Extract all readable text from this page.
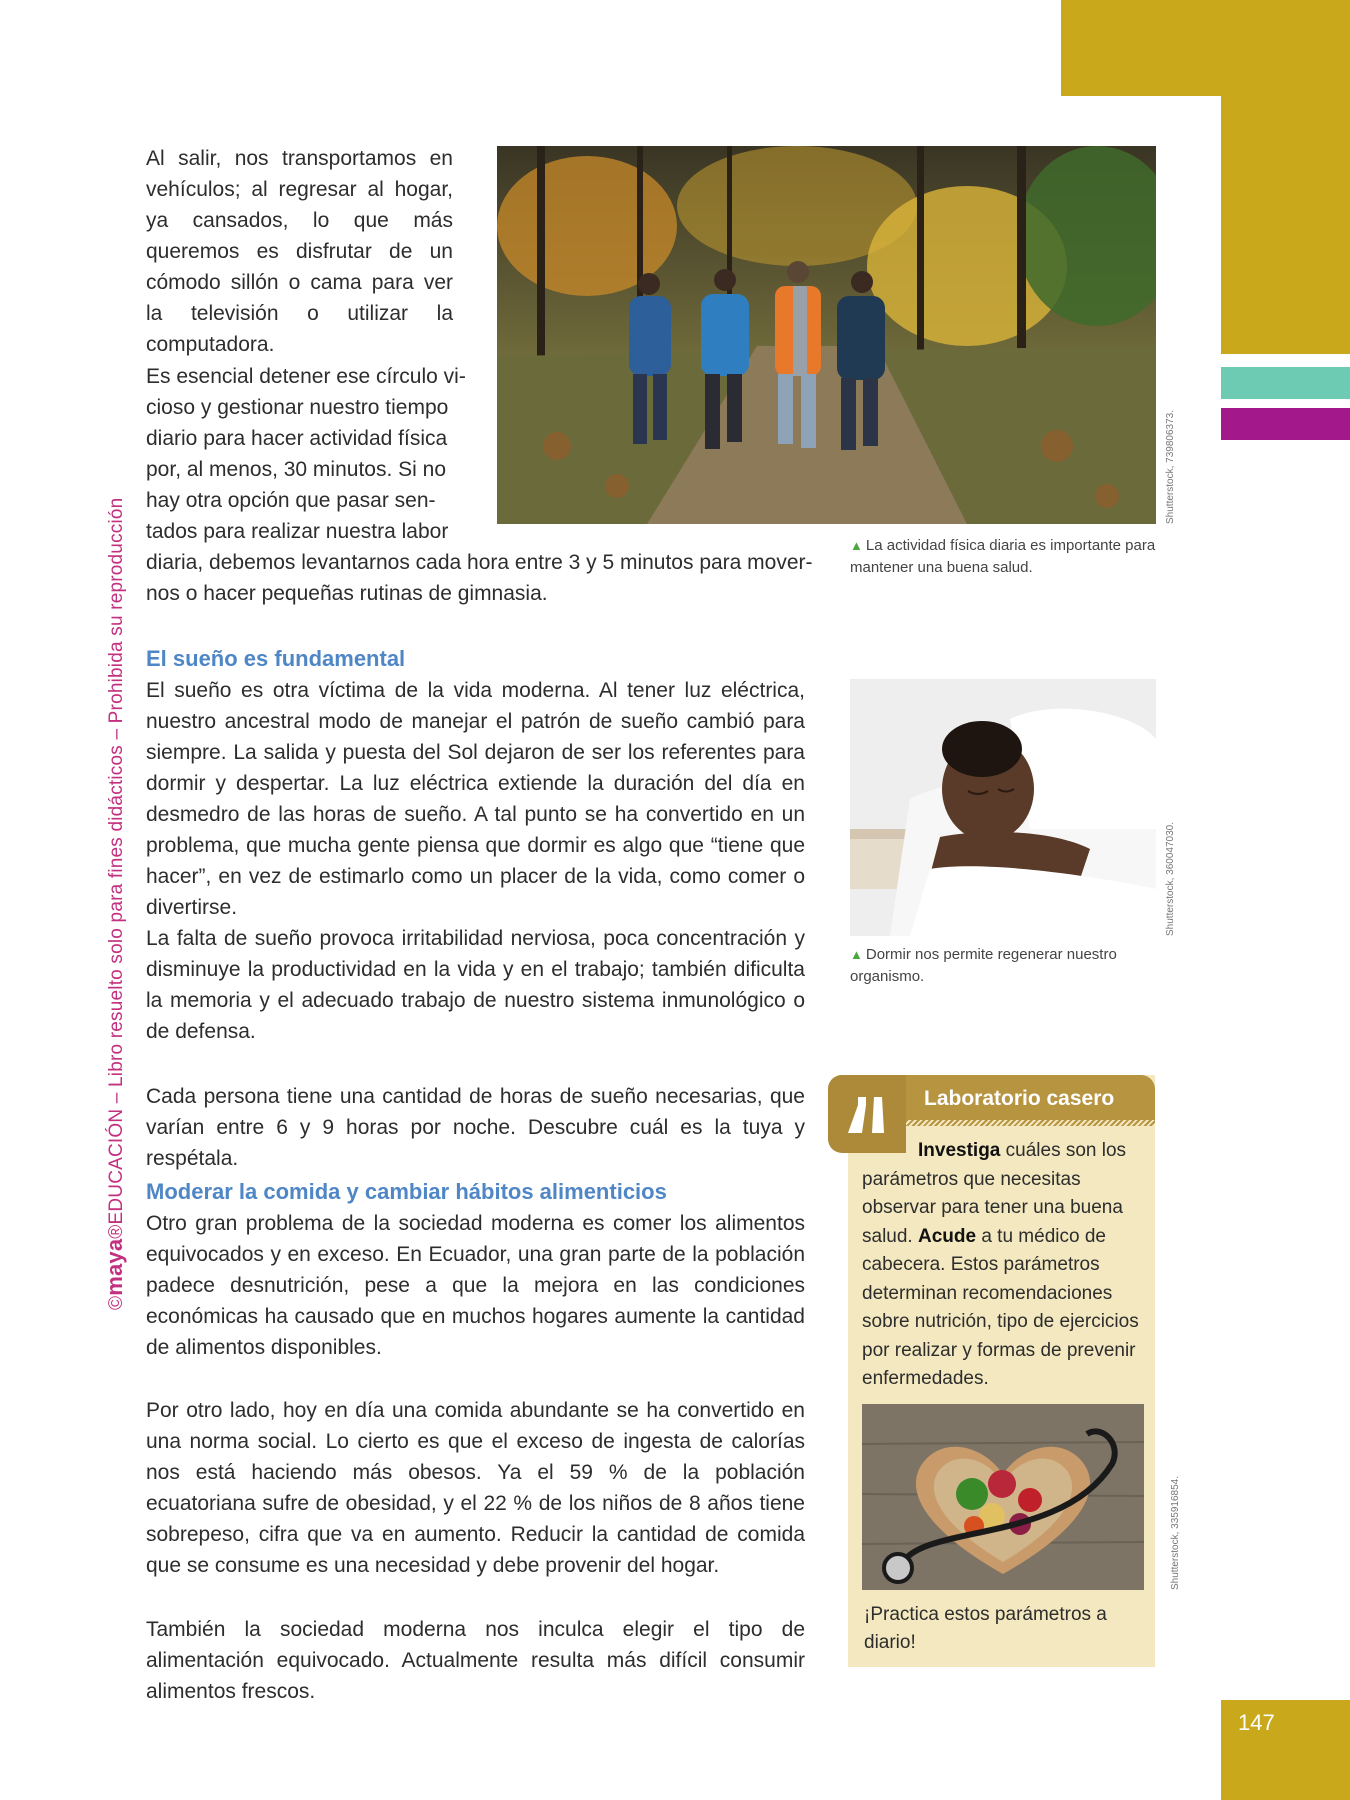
147
©maya®EDUCACIÓN – Libro resuelto solo para fines didácticos – Prohibida su reproducción
Al salir, nos transportamos en vehículos; al regresar al hogar, ya cansados, lo que más queremos es disfrutar de un cómodo sillón o cama para ver la televisión o utilizar la computadora.
Es esencial detener ese círculo vi-
cioso y gestionar nuestro tiempo
diario para hacer actividad física
por, al menos, 30 minutos. Si no
hay otra opción que pasar sen-
tados para realizar nuestra labor
diaria, debemos levantarnos cada hora entre 3 y 5 minutos para mover-
nos o hacer pequeñas rutinas de gimnasia.
Shutterstock, 739806373.
▲ La actividad física diaria es importante para mantener una buena salud.
El sueño es fundamental
El sueño es otra víctima de la vida moderna. Al tener luz eléctrica, nuestro ancestral modo de manejar el patrón de sueño cambió para siempre. La salida y puesta del Sol dejaron de ser los referentes para dormir y despertar. La luz eléctrica extiende la duración del día en desmedro de las horas de sueño. A tal punto se ha convertido en un problema, que mucha gente piensa que dormir es algo que “tiene que hacer”, en vez de estimarlo como un placer de la vida, como comer o divertirse.
La falta de sueño provoca irritabilidad nerviosa, poca concentración y disminuye la productividad en la vida y en el trabajo; también dificulta la memoria y el adecuado trabajo de nuestro sistema inmunológico o de defensa.
Cada persona tiene una cantidad de horas de sueño necesarias, que varían entre 6 y 9 horas por noche. Descubre cuál es la tuya y respétala.
Shutterstock, 360047030.
▲ Dormir nos permite regenerar nuestro organismo.
Moderar la comida y cambiar hábitos alimenticios
Otro gran problema de la sociedad moderna es comer los alimentos equivocados y en exceso. En Ecuador, una gran parte de la población padece desnutrición, pese a que la mejora en las condiciones económicas ha causado que en muchos hogares aumente la cantidad de alimentos disponibles.
Por otro lado, hoy en día una comida abundante se ha convertido en una norma social. Lo cierto es que el exceso de ingesta de calorías nos está haciendo más obesos. Ya el 59 % de la población ecuatoriana sufre de obesidad, y el 22 % de los niños de 8 años tiene sobrepeso, cifra que va en aumento. Reducir la cantidad de comida que se consume es una necesidad y debe provenir del hogar.
También la sociedad moderna nos inculca elegir el tipo de alimentación equivocado. Actualmente resulta más difícil consumir alimentos frescos.
Laboratorio casero
Investiga cuáles son los parámetros que necesitas observar para tener una buena salud. Acude a tu médico de cabecera. Estos parámetros determinan recomendaciones sobre nutrición, tipo de ejercicios por realizar y formas de prevenir enfermedades.
Shutterstock, 335916854.
¡Practica estos parámetros a diario!
